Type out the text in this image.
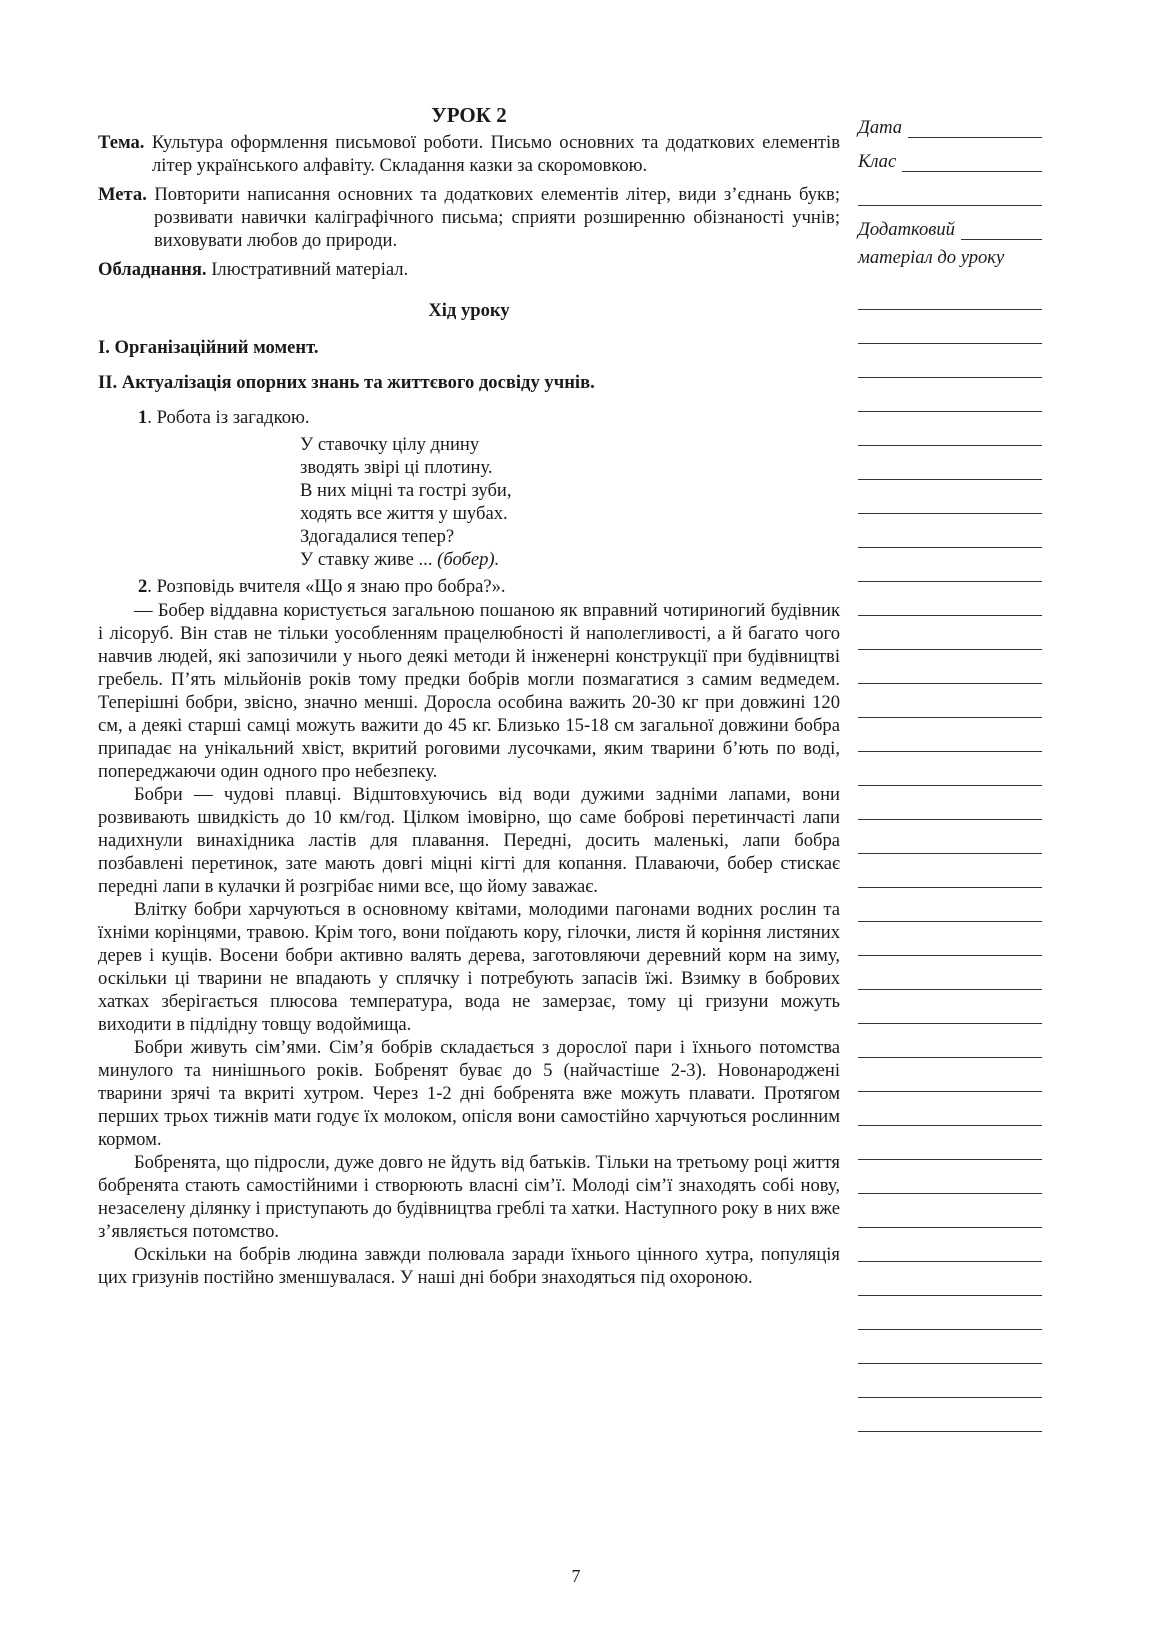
УРОК 2
Тема. Культура оформлення письмової роботи. Письмо основних та додаткових елементів літер українського алфавіту. Складання казки за скоромовкою.
Мета. Повторити написання основних та додаткових елементів літер, види з’єднань букв; розвивати навички каліграфічного письма; сприяти розширенню обізнаності учнів; виховувати любов до природи.
Обладнання. Ілюстративний матеріал.
Хід уроку
І. Організаційний момент.
ІІ. Актуалізація опорних знань та життєвого досвіду учнів.
1. Робота із загадкою.
У ставочку цілу днину
зводять звірі ці плотину.
В них міцні та гострі зуби,
ходять все життя у шубах.
Здогадалися тепер?
У ставку живе ... (бобер).
2. Розповідь вчителя «Що я знаю про бобра?».

— Бобер віддавна користується загальною пошаною як вправний чотириногий будівник і лісоруб. Він став не тільки уособленням працелюбності й наполегливості, а й багато чого навчив людей, які запозичили у нього деякі методи й інженерні конструкції при будівництві гребель. П’ять мільйонів років тому предки бобрів могли позмагатися з самим ведмедем. Теперішні бобри, звісно, значно менші. Доросла особина важить 20-30 кг при довжині 120 см, а деякі старші самці можуть важити до 45 кг. Близько 15-18 см загальної довжини бобра припадає на унікальний хвіст, вкритий роговими лусочками, яким тварини б’ють по воді, попереджаючи один одного про небезпеку.

Бобри — чудові плавці. Відштовхуючись від води дужими задніми лапами, вони розвивають швидкість до 10 км/год. Цілком імовірно, що саме боброві перетинчасті лапи надихнули винахідника ластів для плавання. Передні, досить маленькі, лапи бобра позбавлені перетинок, зате мають довгі міцні кігті для копання. Плаваючи, бобер стискає передні лапи в кулачки й розгрібає ними все, що йому заважає.

Влітку бобри харчуються в основному квітами, молодими пагонами водних рослин та їхніми корінцями, травою. Крім того, вони поїдають кору, гілочки, листя й коріння листяних дерев і кущів. Восени бобри активно валять дерева, заготовляючи деревний корм на зиму, оскільки ці тварини не впадають у сплячку і потребують запасів їжі. Взимку в бобрових хатках зберігається плюсова температура, вода не замерзає, тому ці гризуни можуть виходити в підлідну товщу водоймища.

Бобри живуть сім’ями. Сім’я бобрів складається з дорослої пари і їхнього потомства минулого та нинішнього років. Бобренят буває до 5 (найчастіше 2-3). Новонароджені тварини зрячі та вкриті хутром. Через 1-2 дні бобренята вже можуть плавати. Протягом перших трьох тижнів мати годує їх молоком, опісля вони самостійно харчуються рослинним кормом.

Бобренята, що підросли, дуже довго не йдуть від батьків. Тільки на третьому році життя бобренята стають самостійними і створюють власні сім’ї. Молоді сім’ї знаходять собі нову, незаселену ділянку і приступають до будівництва греблі та хатки. Наступного року в них вже з’являється потомство.

Оскільки на бобрів людина завжди полювала заради їхнього цінного хутра, популяція цих гризунів постійно зменшувалася. У наші дні бобри знаходяться під охороною.

Дата
Клас
Додатковий
матеріал до уроку
7
